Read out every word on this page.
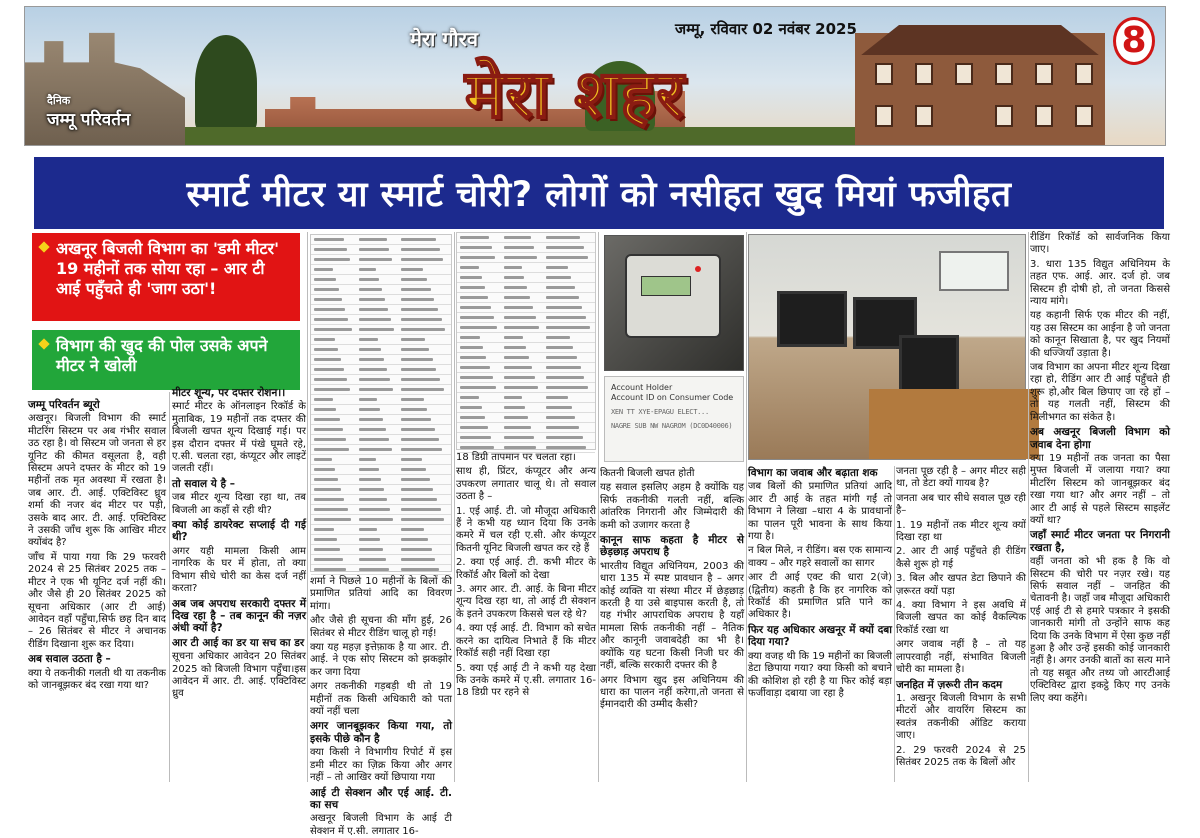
दैनिक
जम्मू परिवर्तन
मेरा गौरव
मेरा शहर
जम्मू, रविवार 02 नवंबर 2025	8
स्मार्ट मीटर या स्मार्ट चोरी? लोगों को नसीहत खुद मियां फजीहत
अखनूर बिजली विभाग का 'डमी मीटर' 19 महीनों तक सोया रहा – आर टी आई पहुँचते ही 'जाग उठा'!
विभाग की खुद की पोल उसके अपने मीटर ने खोली

Account Holder
Account ID on Consumer Code
XEN TT XYE-EPAGU ELECT...
NAGRE SUB NW NAGROM (DC0D40006)

जम्मू परिवर्तन ब्यूरो

अखनूर। बिजली विभाग की स्मार्ट मीटरिंग सिस्टम पर अब गंभीर सवाल उठ रहा है। वो सिस्टम जो जनता से हर यूनिट की कीमत वसूलता है, वही सिस्टम अपने दफ्तर के मीटर को 19 महीनों तक मृत अवस्था में रखता है। जब आर. टी. आई. एक्टिविस्ट ध्रुव शर्मा की नजर बंद मीटर पर पड़ी, उसके बाद आर. टी. आई. एक्टिविस्ट ने उसकी जाँच शुरू कि आखिर मीटर क्योंबंद है?

जाँच में पाया गया कि 29 फरवरी 2024 से 25 सितंबर 2025 तक – मीटर ने एक भी यूनिट दर्ज नहीं की। और जैसे ही 20 सितंबर 2025 को सूचना अधिकार (आर टी आई) आवेदन वहाँ पहुँचा,सिर्फ छह दिन बाद – 26 सितंबर से मीटर ने अचानक रीडिंग दिखाना शुरू कर दिया।

अब सवाल उठता है –

क्या ये तकनीकी गलती थी या तकनीक को जानबूझकर बंद रखा गया था?

मीटर शून्य, पर दफ्तर रोशन।।

स्मार्ट मीटर के ऑनलाइन रिकॉर्ड के मुताबिक, 19 महीनों तक दफ्तर की बिजली खपत शून्य दिखाई गई। पर इस दौरान दफ्तर में पंखे घूमते रहे, ए.सी. चलता रहा, कंप्यूटर और लाइटें जलती रहीं।

तो सवाल ये है –

जब मीटर शून्य दिखा रहा था, तब बिजली आ कहाँ से रही थी?

क्या कोई डायरेक्ट सप्लाई दी गई थी?

अगर यही मामला किसी आम नागरिक के घर में होता, तो क्या विभाग सीधे चोरी का केस दर्ज नहीं करता?

अब जब अपराध सरकारी दफ्तर में दिख रहा है – तब कानून की नज़र अंधी क्यों है?

आर टी आई का डर या सच का डर

सूचना अधिकार आवेदन 20 सितंबर 2025 को बिजली विभाग पहुँचा।इस आवेदन में आर. टी. आई. एक्टिविस्ट ध्रुव

शर्मा ने पिछले 10 महीनों के बिलों की प्रमाणित प्रतियां आदि का विवरण मांगा।

और जैसे ही सूचना की माँग हुई, 26 सितंबर से मीटर रीडिंग चालू हो गई!

क्या यह महज़ इत्तेफ़ाक है या आर. टी. आई. ने एक सोए सिस्टम को झकझोर कर जगा दिया

अगर तकनीकी गड़बड़ी थी तो 19 महीनों तक किसी अधिकारी को पता क्यों नहीं चला

अगर जानबूझकर किया गया, तो इसके पीछे कौन है

क्या किसी ने विभागीय रिपोर्ट में इस डमी मीटर का ज़िक्र किया और अगर नहीं – तो आखिर क्यों छिपाया गया

आई टी सेक्शन और एई आई. टी. का सच

अखनूर बिजली विभाग के आई टी सेक्शन में ए.सी. लगातार 16-

18 डिग्री तापमान पर चलता रहा।

साथ ही, प्रिंटर, कंप्यूटर और अन्य उपकरण लगातार चालू थे। तो सवाल उठता है –

1. एई आई. टी. जो मौजूदा अधिकारी हैं ने कभी यह ध्यान दिया कि उनके कमरे में चल रही ए.सी. और कंप्यूटर कितनी यूनिट बिजली खपत कर रहे हैं

2. क्या एई आई. टी. कभी मीटर के रिकॉर्ड और बिलों को देखा

3. अगर आर. टी. आई. के बिना मीटर शून्य दिख रहा था, तो आई टी सेक्शन के इतने उपकरण किससे चल रहे थे?

4. क्या एई आई. टी. विभाग को सचेत करने का दायित्व निभाते हैं कि मीटर रिकॉर्ड सही नहीं दिखा रहा

5. क्या एई आई टी ने कभी यह देखा कि उनके कमरे में ए.सी. लगातार 16-18 डिग्री पर रहने से

कितनी बिजली खपत होती

यह सवाल इसलिए अहम है क्योंकि यह सिर्फ तकनीकी गलती नहीं, बल्कि आंतरिक निगरानी और जिम्मेदारी की कमी को उजागर करता है

कानून साफ कहता है मीटर से छेड़छाड़ अपराध है

भारतीय विद्युत अधिनियम, 2003 की धारा 135 में स्पष्ट प्रावधान है – अगर कोई व्यक्ति या संस्था मीटर में छेड़छाड़ करती है या उसे बाइपास करती है, तो यह गंभीर आपराधिक अपराध है यहाँ मामला सिर्फ तकनीकी नहीं – नैतिक और कानूनी जवाबदेही का भी है। क्योंकि यह घटना किसी निजी घर की नहीं, बल्कि सरकारी दफ्तर की है

अगर विभाग खुद इस अधिनियम की धारा का पालन नहीं करेगा,तो जनता से ईमानदारी की उम्मीद कैसी?

विभाग का जवाब और बढ़ाता शक

जब बिलों की प्रमाणित प्रतियां आदि आर टी आई के तहत मांगी गईं तो विभाग ने लिखा –धारा 4 के प्रावधानों का पालन पूरी भावना के साथ किया गया है।

न बिल मिले, न रीडिंग। बस एक सामान्य वाक्य – और गहरे सवालों का सागर

आर टी आई एक्ट की धारा 2(जे)(द्वितीय) कहती है कि हर नागरिक को रिकॉर्ड की प्रमाणित प्रति पाने का अधिकार है।

फिर यह अधिकार अखनूर में क्यों दबा दिया गया?

क्या वजह थी कि 19 महीनों का बिजली डेटा छिपाया गया? क्या किसी को बचाने की कोशिश हो रही है या फिर कोई बड़ा फर्जीवाड़ा दबाया जा रहा है

जनता पूछ रही है – अगर मीटर सही था, तो डेटा क्यों गायब है?

जनता अब चार सीधे सवाल पूछ रही है–

1. 19 महीनों तक मीटर शून्य क्यों दिखा रहा था

2. आर टी आई पहुँचते ही रीडिंग कैसे शुरू हो गई

3. बिल और खपत डेटा छिपाने की ज़रूरत क्यों पड़ा

4. क्या विभाग ने इस अवधि में बिजली खपत का कोई वैकल्पिक रिकॉर्ड रखा था

अगर जवाब नहीं है – तो यह लापरवाही नहीं, संभावित बिजली चोरी का मामला है।

जनहित में ज़रूरी तीन कदम

1. अखनूर बिजली विभाग के सभी मीटरों और वायरिंग सिस्टम का स्वतंत्र तकनीकी ऑडिट कराया जाए।

2. 29 फरवरी 2024 से 25 सितंबर 2025 तक के बिलों और

रीडिंग रिकॉर्ड को सार्वजनिक किया जाए।

3. धारा 135 विद्युत अधिनियम के तहत एफ. आई. आर. दर्ज हो. जब सिस्टम ही दोषी हो, तो जनता किससे न्याय मांगे।

यह कहानी सिर्फ एक मीटर की नहीं, यह उस सिस्टम का आईना है जो जनता को कानून सिखाता है, पर खुद नियमों की धज्जियाँ उड़ाता है।

जब विभाग का अपना मीटर शून्य दिखा रहा हो, रीडिंग आर टी आई पहुँचते ही शुरू हो,और बिल छिपाए जा रहे हों – तो यह गलती नहीं, सिस्टम की मिलीभगत का संकेत है।

अब अखनूर बिजली विभाग को जवाब देना होगा

क्या 19 महीनों तक जनता का पैसा मुफ्त बिजली में जलाया गया? क्या मीटरिंग सिस्टम को जानबूझकर बंद रखा गया था? और अगर नहीं – तो आर टी आई से पहले सिस्टम साइलेंट क्यों था?

जहाँ स्मार्ट मीटर जनता पर निगरानी रखता है,

वहीं जनता को भी हक है कि वो सिस्टम की चोरी पर नज़र रखे। यह सिर्फ सवाल नहीं – जनहित की चेतावनी है। जहाँ जब मौजूदा अधिकारी एई आई टी से हमारे पत्रकार ने इसकी जानकारी मांगी तो उन्होंने साफ कह दिया कि उनके विभाग में ऐसा कुछ नहीं हुआ है और उन्हें इसकी कोई जानकारी नहीं है। अगर उनकी बातों का सत्य माने तो यह सबूत और तथ्य जो आरटीआई एक्टिविस्ट द्वारा इकट्ठे किए गए उनके लिए क्या कहेंगे।
